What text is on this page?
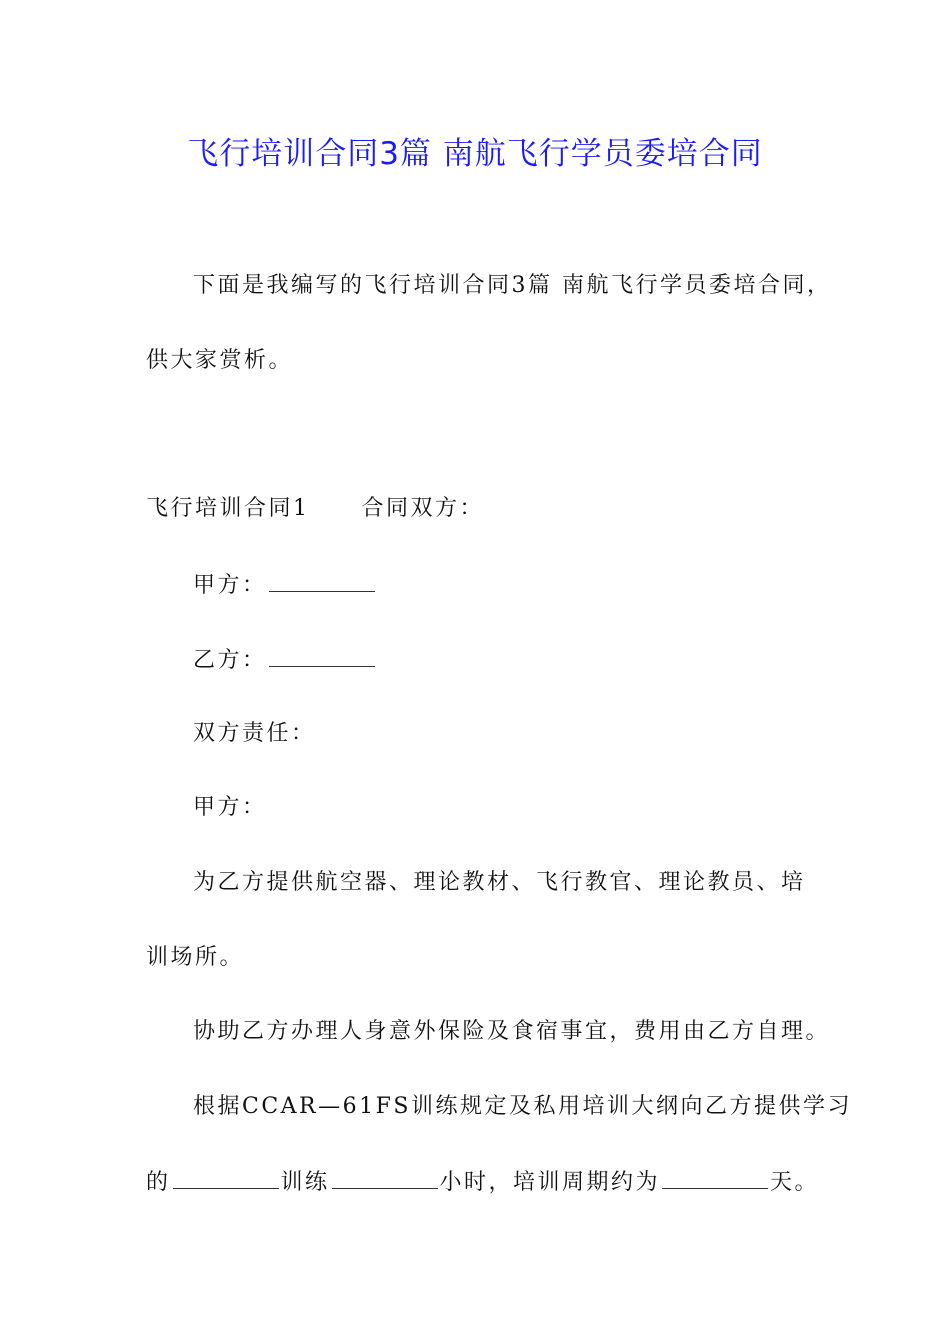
飞行培训合同3篇 南航飞行学员委培合同
下面是我编写的飞行培训合同3篇 南航飞行学员委培合同，
供大家赏析。
飞行培训合同1 合同双方：
甲方：
乙方：
双方责任：
甲方：
为乙方提供航空器、理论教材、飞行教官、理论教员、培
训场所。
协助乙方办理人身意外保险及食宿事宜，费用由乙方自理。
根据CCAR—61FS训练规定及私用培训大纲向乙方提供学习
的	训练	小时，培训周期约为	天。
